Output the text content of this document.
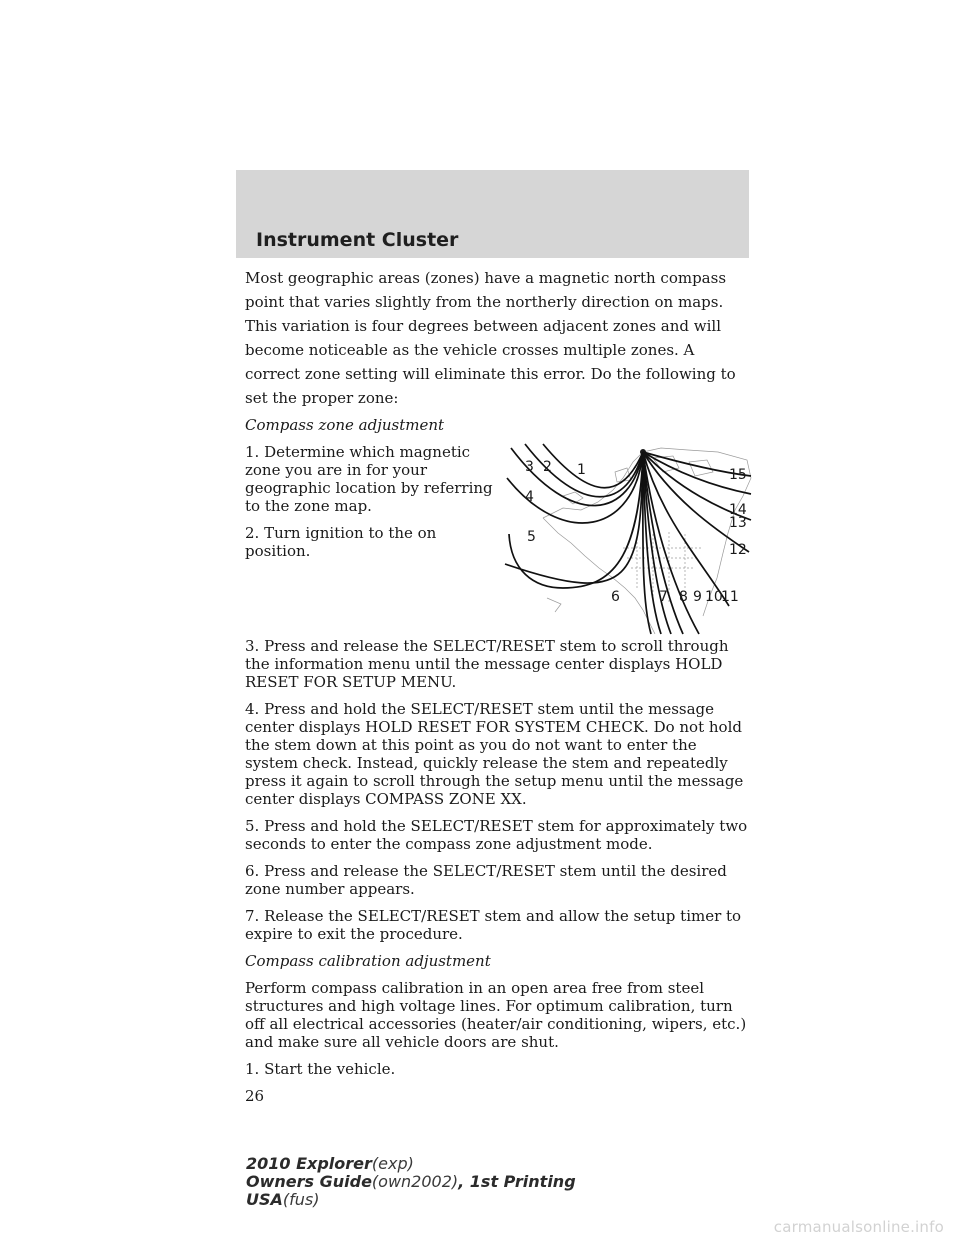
Instrument Cluster

Most geographic areas (zones) have a magnetic north compass point that varies slightly from the northerly direction on maps. This variation is four degrees between adjacent zones and will become noticeable as the vehicle crosses multiple zones. A correct zone setting will eliminate this error. Do the following to set the proper zone:

Compass zone adjustment

1. Determine which magnetic zone you are in for your geographic location by referring to the zone map.

2. Turn ignition to the on position.

3 2 1
4
5
6	7 8 9 10
11
12
13
14
15

3. Press and release the SELECT/RESET stem to scroll through the information menu until the message center displays HOLD RESET FOR SETUP MENU.

4. Press and hold the SELECT/RESET stem until the message center displays HOLD RESET FOR SYSTEM CHECK. Do not hold the stem down at this point as you do not want to enter the system check. Instead, quickly release the stem and repeatedly press it again to scroll through the setup menu until the message center displays COMPASS ZONE XX.

5. Press and hold the SELECT/RESET stem for approximately two seconds to enter the compass zone adjustment mode.

6. Press and release the SELECT/RESET stem until the desired zone number appears.

7. Release the SELECT/RESET stem and allow the setup timer to expire to exit the procedure.

Compass calibration adjustment

Perform compass calibration in an open area free from steel structures and high voltage lines. For optimum calibration, turn off all electrical accessories (heater/air conditioning, wipers, etc.) and make sure all vehicle doors are shut.

1. Start the vehicle.

26

2010 Explorer(exp)
Owners Guide(own2002), 1st Printing
USA(fus)
carmanualsonline.info
